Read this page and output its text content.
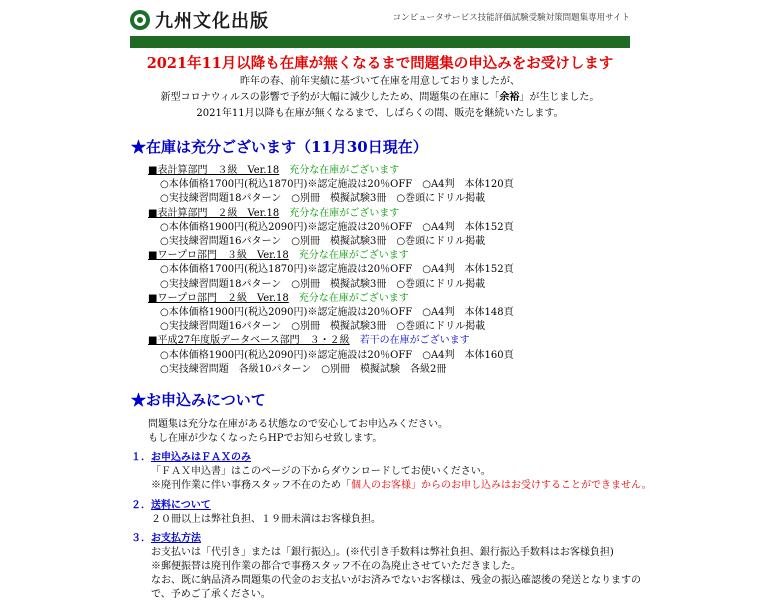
九州文化出版	コンピュータサービス技能評価試験受験対策問題集専用サイト

2021年11月以降も在庫が無くなるまで問題集の申込みをお受けします

昨年の春、前年実績に基づいて在庫を用意しておりましたが、

新型コロナウィルスの影響で予約が大幅に減少したため、問題集の在庫に「余裕」が生じました。

2021年11月以降も在庫が無くなるまで、しばらくの間、販売を継続いたします。

★在庫は充分ございます（11月30日現在）
■表計算部門　３級　Ver.18　 充分な在庫がございます
○本体価格1700円(税込1870円)※認定施設は20％OFF　○A4判　本体120頁
○実技練習問題18パターン　○別冊　模擬試験3冊　○巻頭にドリル掲載
■表計算部門　２級　Ver.18　 充分な在庫がございます
○本体価格1900円(税込2090円)※認定施設は20％OFF　○A4判　本体152頁
○実技練習問題16パターン　○別冊　模擬試験3冊　○巻頭にドリル掲載
■ワープロ部門　３級　Ver.18　 充分な在庫がございます
○本体価格1700円(税込1870円)※認定施設は20％OFF　○A4判　本体152頁
○実技練習問題18パターン　○別冊　模擬試験3冊　○巻頭にドリル掲載
■ワープロ部門　２級　Ver.18　 充分な在庫がございます
○本体価格1900円(税込2090円)※認定施設は20％OFF　○A4判　本体148頁
○実技練習問題16パターン　○別冊　模擬試験3冊　○巻頭にドリル掲載
■平成27年度版データベース部門　３・２級　 若干の在庫がございます
○本体価格1900円(税込2090円)※認定施設は20％OFF　○A4判　本体160頁
○実技練習問題　各級10パターン　○別冊　模擬試験　各級2冊
★お申込みについて
問題集は充分な在庫がある状態なので安心してお申込みください。
もし在庫が少なくなったらHPでお知らせ致します。
１．お申込みはＦＡＸのみ
「ＦＡＸ申込書」はこのページの下からダウンロードしてお使いください。
※廃刊作業に伴い事務スタッフ不在のため「個人のお客様」からのお申し込みはお受けすることができません。
２．送料について
２０冊以上は弊社負担、１９冊未満はお客様負担。
３．お支払方法
お支払いは「代引き」または「銀行振込」。(※代引き手数料は弊社負担、銀行振込手数料はお客様負担)
※郵便振替は廃刊作業の都合で事務スタッフ不在の為廃止させていただきました。
なお、既に納品済み問題集の代金のお支払いがお済みでないお客様は、残金の振込確認後の発送となりますの
で、予めご了承ください。
